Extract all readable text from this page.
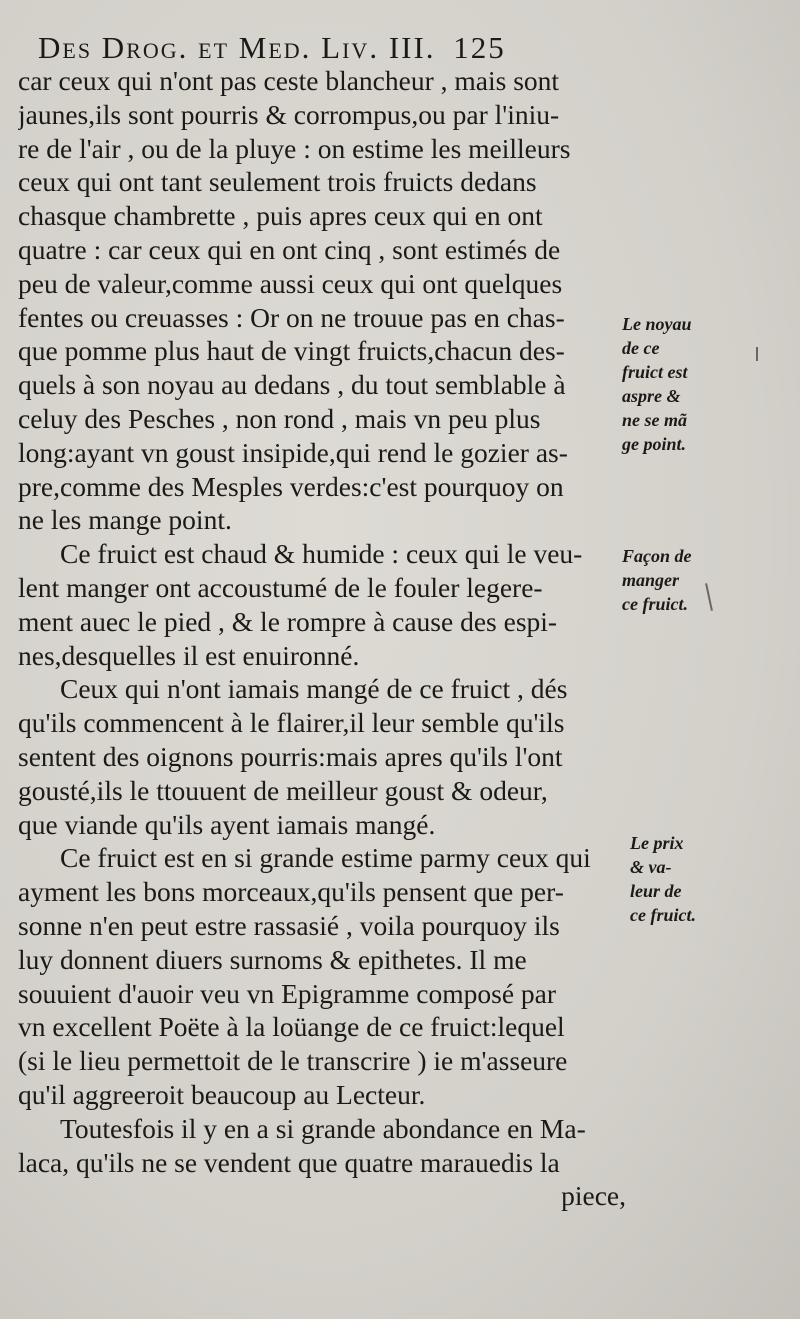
Des Drog. et Med. Liv. III. 125
car ceux qui n'ont pas ceste blancheur , mais sont
jaunes,ils sont pourris & corrompus,ou par l'iniu-
re de l'air , ou de la pluye : on estime les meilleurs
ceux qui ont tant seulement trois fruicts dedans
chasque chambrette , puis apres ceux qui en ont
quatre : car ceux qui en ont cinq , sont estimés de
peu de valeur,comme aussi ceux qui ont quelques
fentes ou creuasses : Or on ne trouue pas en chas-
que pomme plus haut de vingt fruicts,chacun des-
quels à son noyau au dedans , du tout semblable à
celuy des Pesches , non rond , mais vn peu plus
long:ayant vn goust insipide,qui rend le gozier as-
pre,comme des Mesples verdes:c'est pourquoy on
ne les mange point.
Ce fruict est chaud & humide : ceux qui le veu-
lent manger ont accoustumé de le fouler legere-
ment auec le pied , & le rompre à cause des espi-
nes,desquelles il est enuironné.
Ceux qui n'ont iamais mangé de ce fruict , dés
qu'ils commencent à le flairer,il leur semble qu'ils
sentent des oignons pourris:mais apres qu'ils l'ont
gousté,ils le ttouuent de meilleur goust & odeur,
que viande qu'ils ayent iamais mangé.
Ce fruict est en si grande estime parmy ceux qui
ayment les bons morceaux,qu'ils pensent que per-
sonne n'en peut estre rassasié , voila pourquoy ils
luy donnent diuers surnoms & epithetes. Il me
souuient d'auoir veu vn Epigramme composé par
vn excellent Poëte à la loüange de ce fruict:lequel
(si le lieu permettoit de le transcrire ) ie m'asseure
qu'il aggreeroit beaucoup au Lecteur.
Toutesfois il y en a si grande abondance en Ma-
laca, qu'ils ne se vendent que quatre marauedis la
piece,
Le noyau
de ce
fruict est
aspre &
ne se mã
ge point.
Façon de
manger
ce fruict.
Le prix
& va-
leur de
ce fruict.
